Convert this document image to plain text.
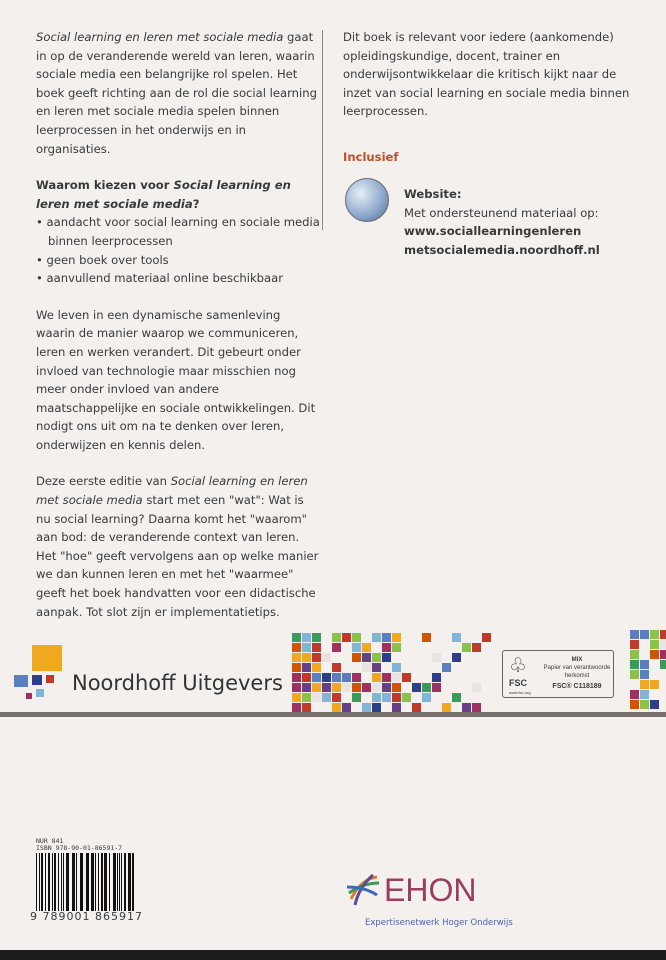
Social learning en leren met sociale media gaat in op de veranderende wereld van leren, waarin sociale media een belangrijke rol spelen. Het boek geeft richting aan de rol die social learning en leren met sociale media spelen binnen leerprocessen in het onderwijs en in organisaties.

Waarom kiezen voor Social learning en leren met sociale media?
• aandacht voor social learning en sociale media binnen leerprocessen
• geen boek over tools
• aanvullend materiaal online beschikbaar

We leven in een dynamische samenleving waarin de manier waarop we communiceren, leren en werken verandert. Dit gebeurt onder invloed van technologie maar misschien nog meer onder invloed van andere maatschappelijke en sociale ontwikkelingen. Dit nodigt ons uit om na te denken over leren, onderwijzen en kennis delen.

Deze eerste editie van Social learning en leren met sociale media start met een "wat": Wat is nu social learning? Daarna komt het "waarom" aan bod: de veranderende context van leren. Het "hoe" geeft vervolgens aan op welke manier we dan kunnen leren en met het "waarmee" geeft het boek handvatten voor een didactische aanpak. Tot slot zijn er implementatietips.

Dit boek is relevant voor iedere (aankomende) opleidingskundige, docent, trainer en onderwijsontwikkelaar die kritisch kijkt naar de inzet van social learning en sociale media binnen leerprocessen.

Inclusief
Website:
Met ondersteunend materiaal op:
www.sociallearningenleren
metsocialemedia.noordhoff.nl
Noordhoff Uitgevers
♧
FSC
www.fsc.org
MIX
Papier van verantwoorde herkomst
FSC® C118189
NUR 841
ISBN 978-90-01-86591-7
9 789001 865917
EHON
Expertisenetwerk Hoger Onderwijs
